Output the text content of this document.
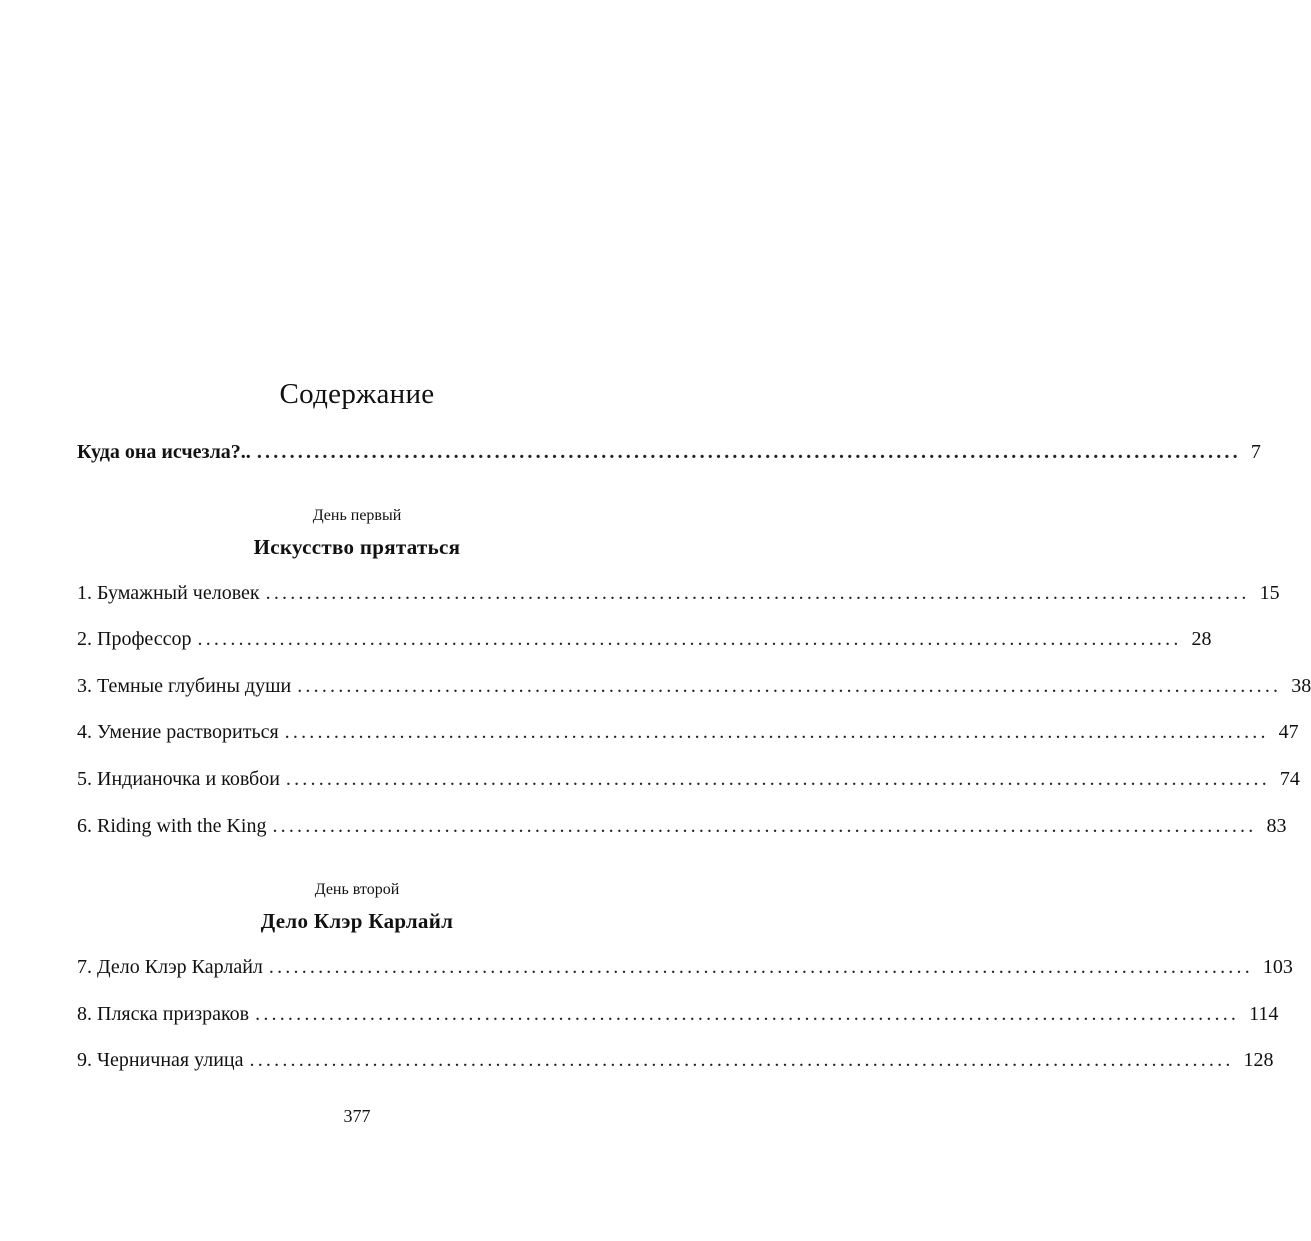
Содержание
Куда она исчезла?.. ........................................................................................................................ 7
День первый
Искусство прятаться
1. Бумажный человек ........................................................................................................................ 15
2. Профессор ........................................................................................................................ 28
3. Темные глубины души ........................................................................................................................ 38
4. Умение раствориться ........................................................................................................................ 47
5. Индианочка и ковбои ........................................................................................................................ 74
6. Riding with the King ........................................................................................................................ 83
День второй
Дело Клэр Карлайл
7. Дело Клэр Карлайл ........................................................................................................................ 103
8. Пляска призраков ........................................................................................................................ 114
9. Черничная улица ........................................................................................................................ 128
377
